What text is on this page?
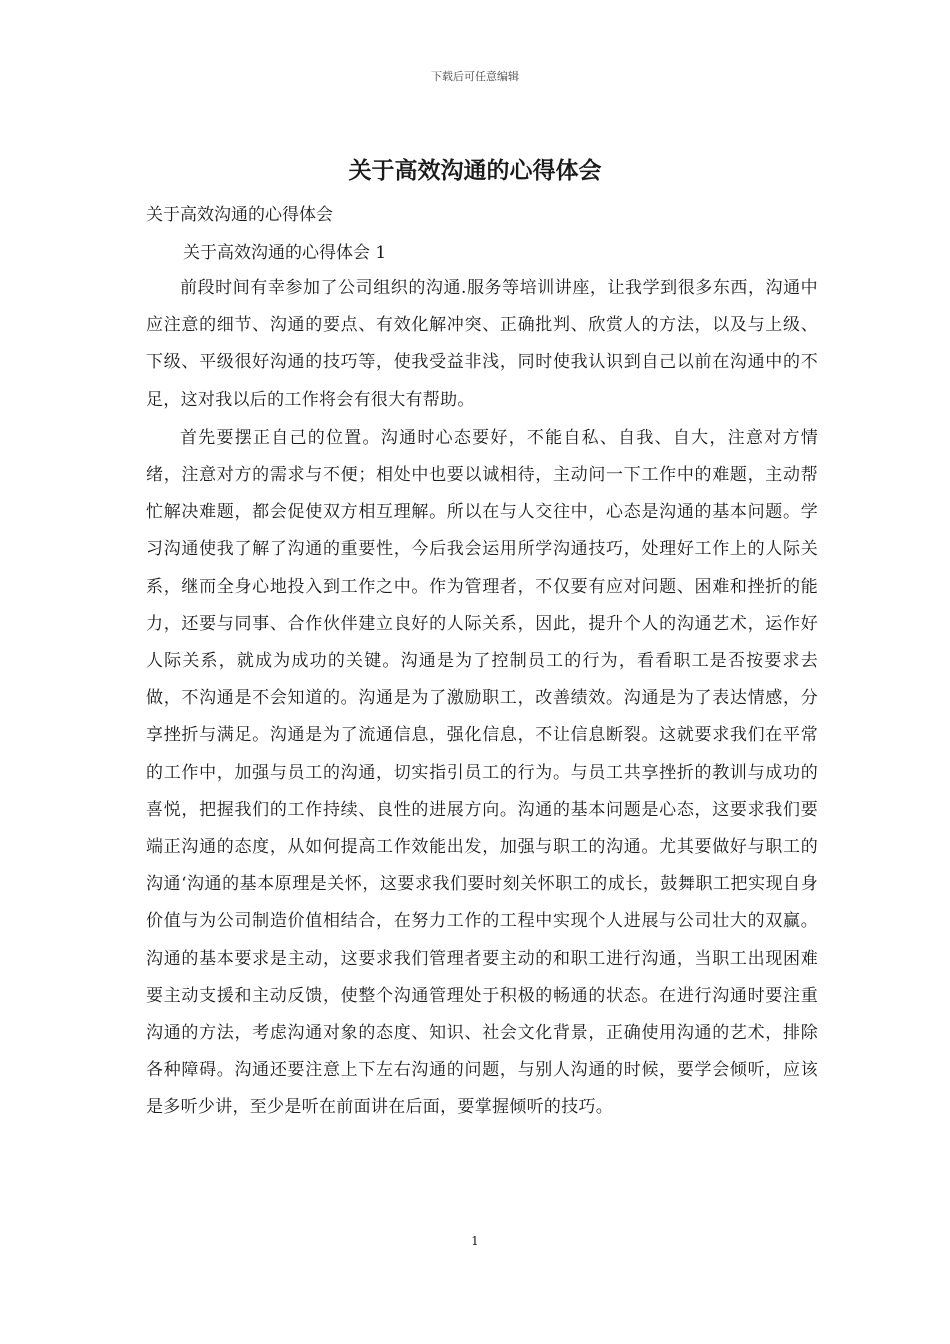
下载后可任意编辑
关于高效沟通的心得体会

关于高效沟通的心得体会

关于高效沟通的心得体会 1

前段时间有幸参加了公司组织的沟通.服务等培训讲座，让我学到很多东西，沟通中应注意的细节、沟通的要点、有效化解冲突、正确批判、欣赏人的方法，以及与上级、下级、平级很好沟通的技巧等，使我受益非浅，同时使我认识到自己以前在沟通中的不足，这对我以后的工作将会有很大有帮助。

首先要摆正自己的位置。沟通时心态要好，不能自私、自我、自大，注意对方情绪，注意对方的需求与不便；相处中也要以诚相待，主动问一下工作中的难题，主动帮忙解决难题，都会促使双方相互理解。所以在与人交往中，心态是沟通的基本问题。学习沟通使我了解了沟通的重要性，今后我会运用所学沟通技巧，处理好工作上的人际关系，继而全身心地投入到工作之中。作为管理者，不仅要有应对问题、困难和挫折的能力，还要与同事、合作伙伴建立良好的人际关系，因此，提升个人的沟通艺术，运作好人际关系，就成为成功的关键。沟通是为了控制员工的行为，看看职工是否按要求去做，不沟通是不会知道的。沟通是为了激励职工，改善绩效。沟通是为了表达情感，分享挫折与满足。沟通是为了流通信息，强化信息，不让信息断裂。这就要求我们在平常的工作中，加强与员工的沟通，切实指引员工的行为。与员工共享挫折的教训与成功的喜悦，把握我们的工作持续、良性的进展方向。沟通的基本问题是心态，这要求我们要端正沟通的态度，从如何提高工作效能出发，加强与职工的沟通。尤其要做好与职工的沟通‘沟通的基本原理是关怀，这要求我们要时刻关怀职工的成长，鼓舞职工把实现自身价值与为公司制造价值相结合，在努力工作的工程中实现个人进展与公司壮大的双赢。沟通的基本要求是主动，这要求我们管理者要主动的和职工进行沟通，当职工出现困难要主动支援和主动反馈，使整个沟通管理处于积极的畅通的状态。在进行沟通时要注重沟通的方法，考虑沟通对象的态度、知识、社会文化背景，正确使用沟通的艺术，排除各种障碍。沟通还要注意上下左右沟通的问题，与别人沟通的时候，要学会倾听，应该是多听少讲，至少是听在前面讲在后面，要掌握倾听的技巧。

1
